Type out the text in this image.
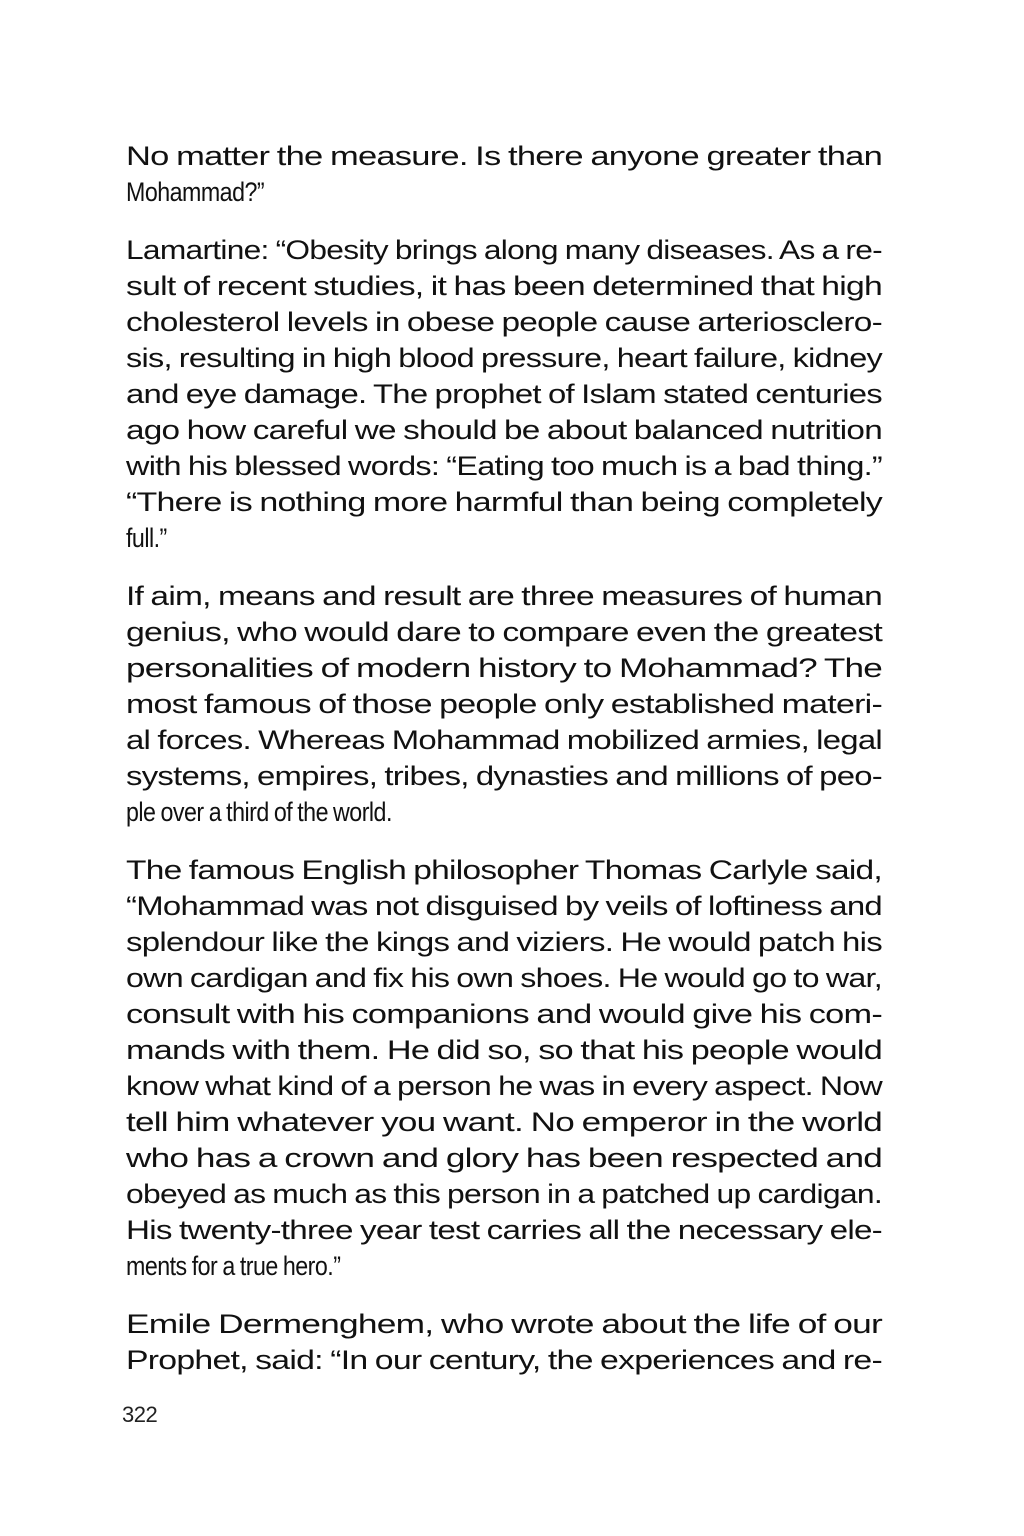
No matter the measure. Is there anyone greater than
Mohammad?”
Lamartine: “Obesity brings along many diseases. As a re-
sult of recent studies, it has been determined that high
cholesterol levels in obese people cause arteriosclero-
sis, resulting in high blood pressure, heart failure, kidney
and eye damage. The prophet of Islam stated centuries
ago how careful we should be about balanced nutrition
with his blessed words: “Eating too much is a bad thing.”
“There is nothing more harmful than being completely
full.”
If aim, means and result are three measures of human
genius, who would dare to compare even the greatest
personalities of modern history to Mohammad? The
most famous of those people only established materi-
al forces. Whereas Mohammad mobilized armies, legal
systems, empires, tribes, dynasties and millions of peo-
ple over a third of the world.
The famous English philosopher Thomas Carlyle said,
“Mohammad was not disguised by veils of loftiness and
splendour like the kings and viziers. He would patch his
own cardigan and fix his own shoes. He would go to war,
consult with his companions and would give his com-
mands with them. He did so, so that his people would
know what kind of a person he was in every aspect. Now
tell him whatever you want. No emperor in the world
who has a crown and glory has been respected and
obeyed as much as this person in a patched up cardigan.
His twenty-three year test carries all the necessary ele-
ments for a true hero.”
Emile Dermenghem, who wrote about the life of our
Prophet, said: “In our century, the experiences and re-
322
